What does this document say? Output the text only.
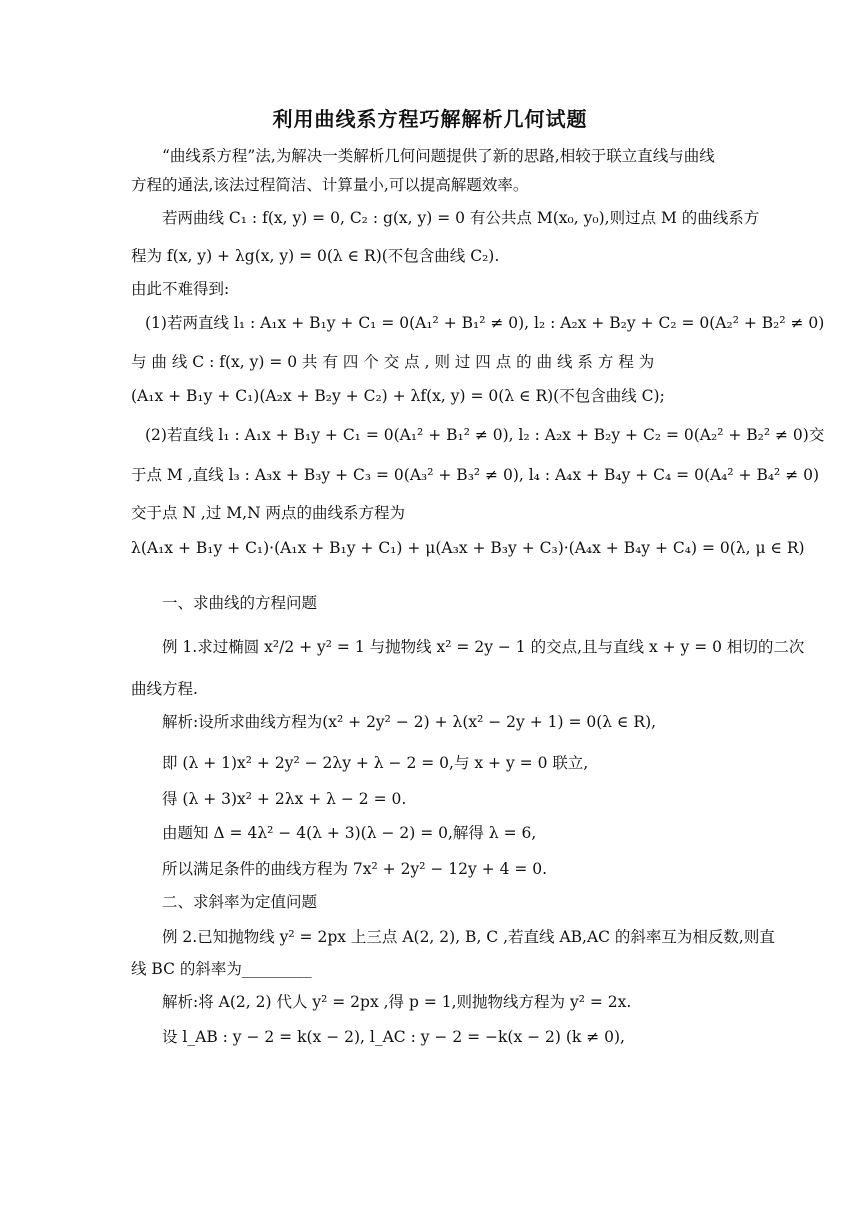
利用曲线系方程巧解解析几何试题
“曲线系方程”法,为解决一类解析几何问题提供了新的思路,相较于联立直线与曲线
方程的通法,该法过程简洁、计算量小,可以提高解题效率。
若两曲线 C₁ : f(x, y) = 0, C₂ : g(x, y) = 0 有公共点 M(x₀, y₀),则过点 M 的曲线系方
程为 f(x, y) + λg(x, y) = 0(λ ∈ R)(不包含曲线 C₂).
由此不难得到:
(1)若两直线 l₁ : A₁x + B₁y + C₁ = 0(A₁² + B₁² ≠ 0), l₂ : A₂x + B₂y + C₂ = 0(A₂² + B₂² ≠ 0)
与 曲 线 C : f(x, y) = 0 共 有 四 个 交 点 , 则 过 四 点 的 曲 线 系 方 程 为
(A₁x + B₁y + C₁)(A₂x + B₂y + C₂) + λf(x, y) = 0(λ ∈ R)(不包含曲线 C);
(2)若直线 l₁ : A₁x + B₁y + C₁ = 0(A₁² + B₁² ≠ 0), l₂ : A₂x + B₂y + C₂ = 0(A₂² + B₂² ≠ 0)交
于点 M ,直线 l₃ : A₃x + B₃y + C₃ = 0(A₃² + B₃² ≠ 0), l₄ : A₄x + B₄y + C₄ = 0(A₄² + B₄² ≠ 0)
交于点 N ,过 M,N 两点的曲线系方程为
λ(A₁x + B₁y + C₁)·(A₁x + B₁y + C₁) + μ(A₃x + B₃y + C₃)·(A₄x + B₄y + C₄) = 0(λ, μ ∈ R)
一、求曲线的方程问题
例 1.求过椭圆 x²/2 + y² = 1 与抛物线 x² = 2y − 1 的交点,且与直线 x + y = 0 相切的二次
曲线方程.
解析:设所求曲线方程为(x² + 2y² − 2) + λ(x² − 2y + 1) = 0(λ ∈ R),
即 (λ + 1)x² + 2y² − 2λy + λ − 2 = 0,与 x + y = 0 联立,
得 (λ + 3)x² + 2λx + λ − 2 = 0.
由题知 Δ = 4λ² − 4(λ + 3)(λ − 2) = 0,解得 λ = 6,
所以满足条件的曲线方程为 7x² + 2y² − 12y + 4 = 0.
二、求斜率为定值问题
例 2.已知抛物线 y² = 2px 上三点 A(2, 2), B, C ,若直线 AB,AC 的斜率互为相反数,则直
线 BC 的斜率为_________
解析:将 A(2, 2) 代人 y² = 2px ,得 p = 1,则抛物线方程为 y² = 2x.
设 l_AB : y − 2 = k(x − 2), l_AC : y − 2 = −k(x − 2) (k ≠ 0),
